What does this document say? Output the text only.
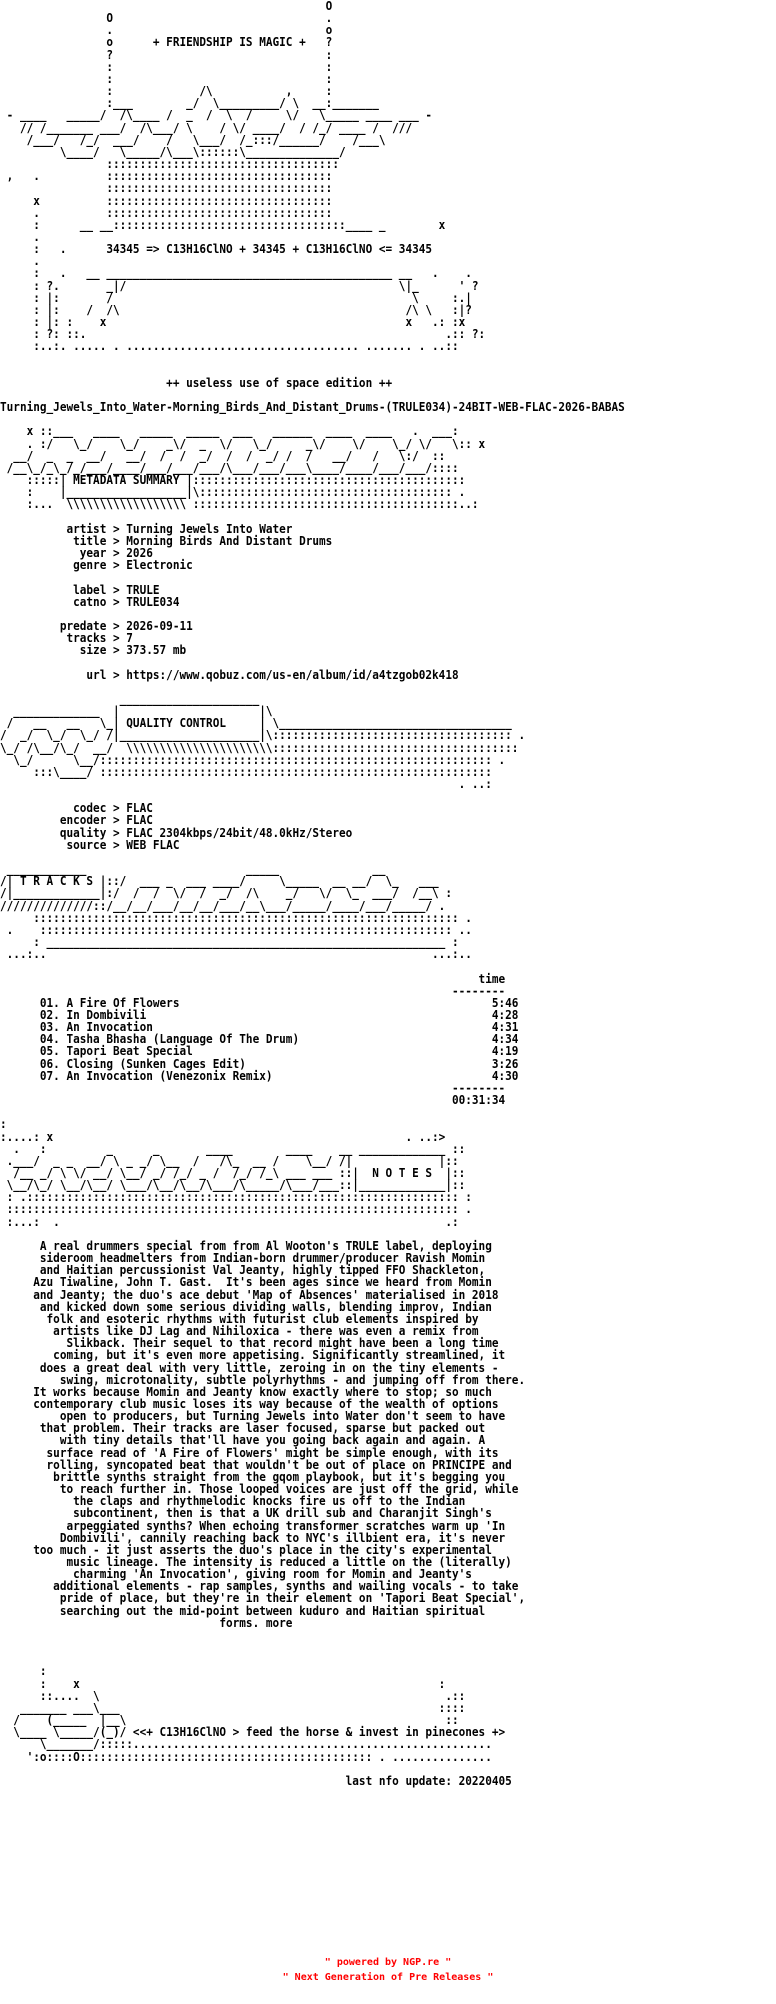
O
O                                .
.                                o
o      + FRIENDSHIP IS MAGIC +   ?
?                                :
:                                :
:                                :
:             /\           ,     :
:___        _/  \_________/ \  __:_______
- ____   _____/  /\____ /  _  /  \  /     \/   \_____ ____ ___ -
// /_______ ___/  /\___/ \    / \/ ____/  / /_/ ____ /  ///
/___/   /_/  ___/    /   \___/  /_:::/______/    /___\
\____/   \_____/\___\::::::\______________/
:::::::::::::::::::::::::::::::::::
,   .          ::::::::::::::::::::::::::::::::::
::::::::::::::::::::::::::::::::::
x          ::::::::::::::::::::::::::::::::::
.          ::::::::::::::::::::::::::::::::::
:      __ __:::::::::::::::::::::::::::::::::::____ _        x
.
:   .      34345 => C13H16ClNO + 34345 + C13H16ClNO <= 34345
.
:   .   __ ___________________________________________ __   .    .
: ?.       _|/                                         \|_      ' ?
: |:       /                                             \     :.|
: |:    /  /\                                           /\ \   :|?
: |: :    x                                             x   .: :x
: ?: ::.                                                      .:: ?:
:..:. ..... . ................................... ....... . ..::

++ useless use of space edition ++

Turning_Jewels_Into_Water-Morning_Birds_And_Distant_Drums-(TRULE034)-24BIT-WEB-FLAC-2026-BABAS

x ::___   ____   _____  _____  ___   ______  ____  ____   .  ___:
. :/   \_/    \_/    _\/  _  \/   \_/     _\/    \/    \_/ \/   \:: x
__/  _  _  __/   __/  /  /  _/  /  /  _/ /  /   __/   /   \:/  ::
/__\_/_\_/_/___/____/___/___/___/\___/___/___\____/____/___/___/::::
:::::| METADATA SUMMARY |:::::::::::::::::::::::::::::::::::::::::
:    |__________________|\:::::::::::::::::::::::::::::::::::::: .
:...  \\\\\\\\\\\\\\\\\\ ::::::::::::::::::::::::::::::::::::::::..:

artist > Turning Jewels Into Water
title > Morning Birds And Distant Drums
year > 2026
genre > Electronic

label > TRULE
catno > TRULE034

predate > 2026-09-11
tracks > 7
size > 373.57 mb

url > https://www.qobuz.com/us-en/album/id/a4tzgob02k418

_____________________
_____________  |                     |\
/   __   __   \_| QUALITY CONTROL     | \___________________________________
/  _/  \_/  \_/ /|_____________________|\:::::::::::::::::::::::::::::::::::: .
\_/ /\__/\_/  __/  \\\\\\\\\\\\\\\\\\\\\\:::::::::::::::::::::::::::::::::::::
\_/      \__/::::::::::::::::::::::::::::::::::::::::::::::::::::::::::: .
:::\____/ :::::::::::::::::::::::::::::::::::::::::::::::::::::::::::
. ..:

codec > FLAC
encoder > FLAC
quality > FLAC 2304kbps/24bit/48.0kHz/Stereo
source > WEB FLAC

____________                        _____              __
/| T R A C K S |::/  ___ _  ___ ____/     \_____  __ __/  \_   ___
/|_____________|:/  /  /  \/  /  _/  /\    _/   \/  \_  ___/  /__\ :
//////////////::/__/__/___/__/__/___/__\___/_____/____/___/_____/ .
:::::::::::::::::::::::::::::::::::::::::::::::::::::::::::::::: .
.    :::::::::::::::::::::::::::::::::::::::::::::::::::::::::::::: ..
: ____________________________________________________________ :
...:..                                                          ...:..

time
--------
01. A Fire Of Flowers                                               5:46
02. In Dombivili                                                    4:28
03. An Invocation                                                   4:31
04. Tasha Bhasha (Language Of The Drum)                             4:34
05. Tapori Beat Special                                             4:19
06. Closing (Sunken Cages Edit)                                     3:26
07. An Invocation (Venezonix Remix)                                 4:30
--------
00:31:34

:
:....: x                                                     . ..:>
.   :         _      _       ____        ____    __ _____________ ::
.___/  _ _  __/ \ _ _/ \__  /   /\_  __ /    \__/ /|             |::
/__ _/ \ \/ __/ \__/ _/ /_/ _ /  /_/ /_\ ___ ___ ::|  N O T E S  |::
\__/\_/ \__/\__/ \___/\__/\__/\___/\_____/\___/___::|_____________|::
: .::::::::::::::::::::::::::::::::::::::::::::::::::::::::::::::::: :
:::::::::::::::::::::::::::::::::::::::::::::::::::::::::::::::::::: .
:...:  .                                                          .:

A real drummers special from from Al Wooton's TRULE label, deploying
sideroom headmelters from Indian-born drummer/producer Ravish Momin
and Haitian percussionist Val Jeanty, highly tipped FFO Shackleton,
Azu Tiwaline, John T. Gast.  It's been ages since we heard from Momin
and Jeanty; the duo's ace debut 'Map of Absences' materialised in 2018
and kicked down some serious dividing walls, blending improv, Indian
folk and esoteric rhythms with futurist club elements inspired by
artists like DJ Lag and Nihiloxica - there was even a remix from
Slikback. Their sequel to that record might have been a long time
coming, but it's even more appetising. Significantly streamlined, it
does a great deal with very little, zeroing in on the tiny elements -
swing, microtonality, subtle polyrhythms - and jumping off from there.
It works because Momin and Jeanty know exactly where to stop; so much
contemporary club music loses its way because of the wealth of options
open to producers, but Turning Jewels into Water don't seem to have
that problem. Their tracks are laser focused, sparse but packed out
with tiny details that'll have you going back again and again. A
surface read of 'A Fire of Flowers' might be simple enough, with its
rolling, syncopated beat that wouldn't be out of place on PRINCIPE and
brittle synths straight from the gqom playbook, but it's begging you
to reach further in. Those looped voices are just off the grid, while
the claps and rhythmelodic knocks fire us off to the Indian
subcontinent, then is that a UK drill sub and Charanjit Singh's
arpeggiated synths? When echoing transformer scratches warm up 'In
Dombivili', cannily reaching back to NYC's illbient era, it's never
too much - it just asserts the duo's place in the city's experimental
music lineage. The intensity is reduced a little on the (literally)
charming 'An Invocation', giving room for Momin and Jeanty's
additional elements - rap samples, synths and wailing vocals - to take
pride of place, but they're in their element on 'Tapori Beat Special',
searching out the mid-point between kuduro and Haitian spiritual
forms. more

:
:    x                                                      :
::....  \                                                    .::
_______ ___\___                                                ::::
/    (_____  |__\                                                ::
\____ \_____/(_)/ <<+ C13H16ClNO > feed the horse & invest in pinecones +>
\_______/:::::......................................................
':o::::O:::::::::::::::::::::::::::::::::::::::::::: . ...............

last nfo update: 20220405
" powered by NGP.re "
" Next Generation of Pre Releases "
